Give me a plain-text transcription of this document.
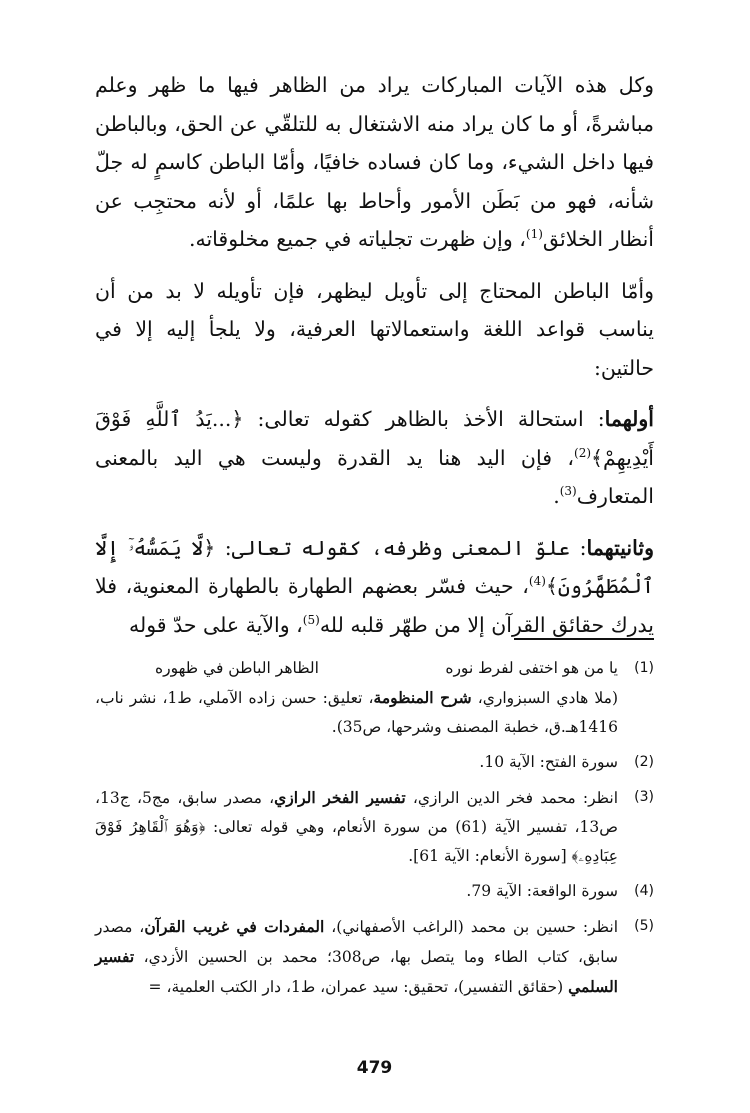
وكل هذه الآيات المباركات يراد من الظاهر فيها ما ظهر وعلم مباشرةً، أو ما كان يراد منه الاشتغال به للتلقّي عن الحق، وبالباطن فيها داخل الشيء، وما كان فساده خافيًا، وأمّا الباطن كاسمٍ له جلّ شأنه، فهو من بَطَن الأمور وأحاط بها علمًا، أو لأنه محتجِب عن أنظار الخلائق$^{(1)}$، وإن ظهرت تجلياته في جميع مخلوقاته.

وأمّا الباطن المحتاج إلى تأويل ليظهر، فإن تأويله لا بد من أن يناسب قواعد اللغة واستعمالاتها العرفية، ولا يلجأ إليه إلا في حالتين:

أولهما: استحالة الأخذ بالظاهر كقوله تعالى: ﴿...يَدُ ٱللَّهِ فَوْقَ أَيْدِيهِمْ﴾$^{(2)}$، فإن اليد هنا يد القدرة وليست هي اليد بالمعنى المتعارف$^{(3)}$.

وثانيتهما: علوّ المعنى وظرفه، كقوله تعالى: ﴿لَّا يَمَسُّهُۥٓ إِلَّا ٱلْمُطَهَّرُونَ﴾$^{(4)}$، حيث فسّر بعضهم الطهارة بالطهارة المعنوية، فلا يدرك حقائق القرآن إلا من طهّر قلبه لله$^{(5)}$، والآية على حدّ قوله

(1)
يا من هو اختفى لفرط نوره
الظاهر الباطن في ظهوره
(ملا هادي السبزواري، شرح المنظومة، تعليق: حسن زاده الآملي، ط1، نشر ناب، 1416هـ.ق، خطبة المصنف وشرحها، ص35).
(2)
سورة الفتح: الآية 10.
(3)
انظر: محمد فخر الدين الرازي، تفسير الفخر الرازي، مصدر سابق، مج5، ج13، ص13، تفسير الآية (61) من سورة الأنعام، وهي قوله تعالى: ﴿وَهُوَ ٱلْقَاهِرُ فَوْقَ عِبَادِهِۦ﴾ [سورة الأنعام: الآية 61].
(4)
سورة الواقعة: الآية 79.
(5)
انظر: حسين بن محمد (الراغب الأصفهاني)، المفردات في غريب القرآن، مصدر سابق، كتاب الطاء وما يتصل بها، ص308؛ محمد بن الحسين الأزدي، تفسير السلمي (حقائق التفسير)، تحقيق: سيد عمران، ط1، دار الكتب العلمية، =
479
